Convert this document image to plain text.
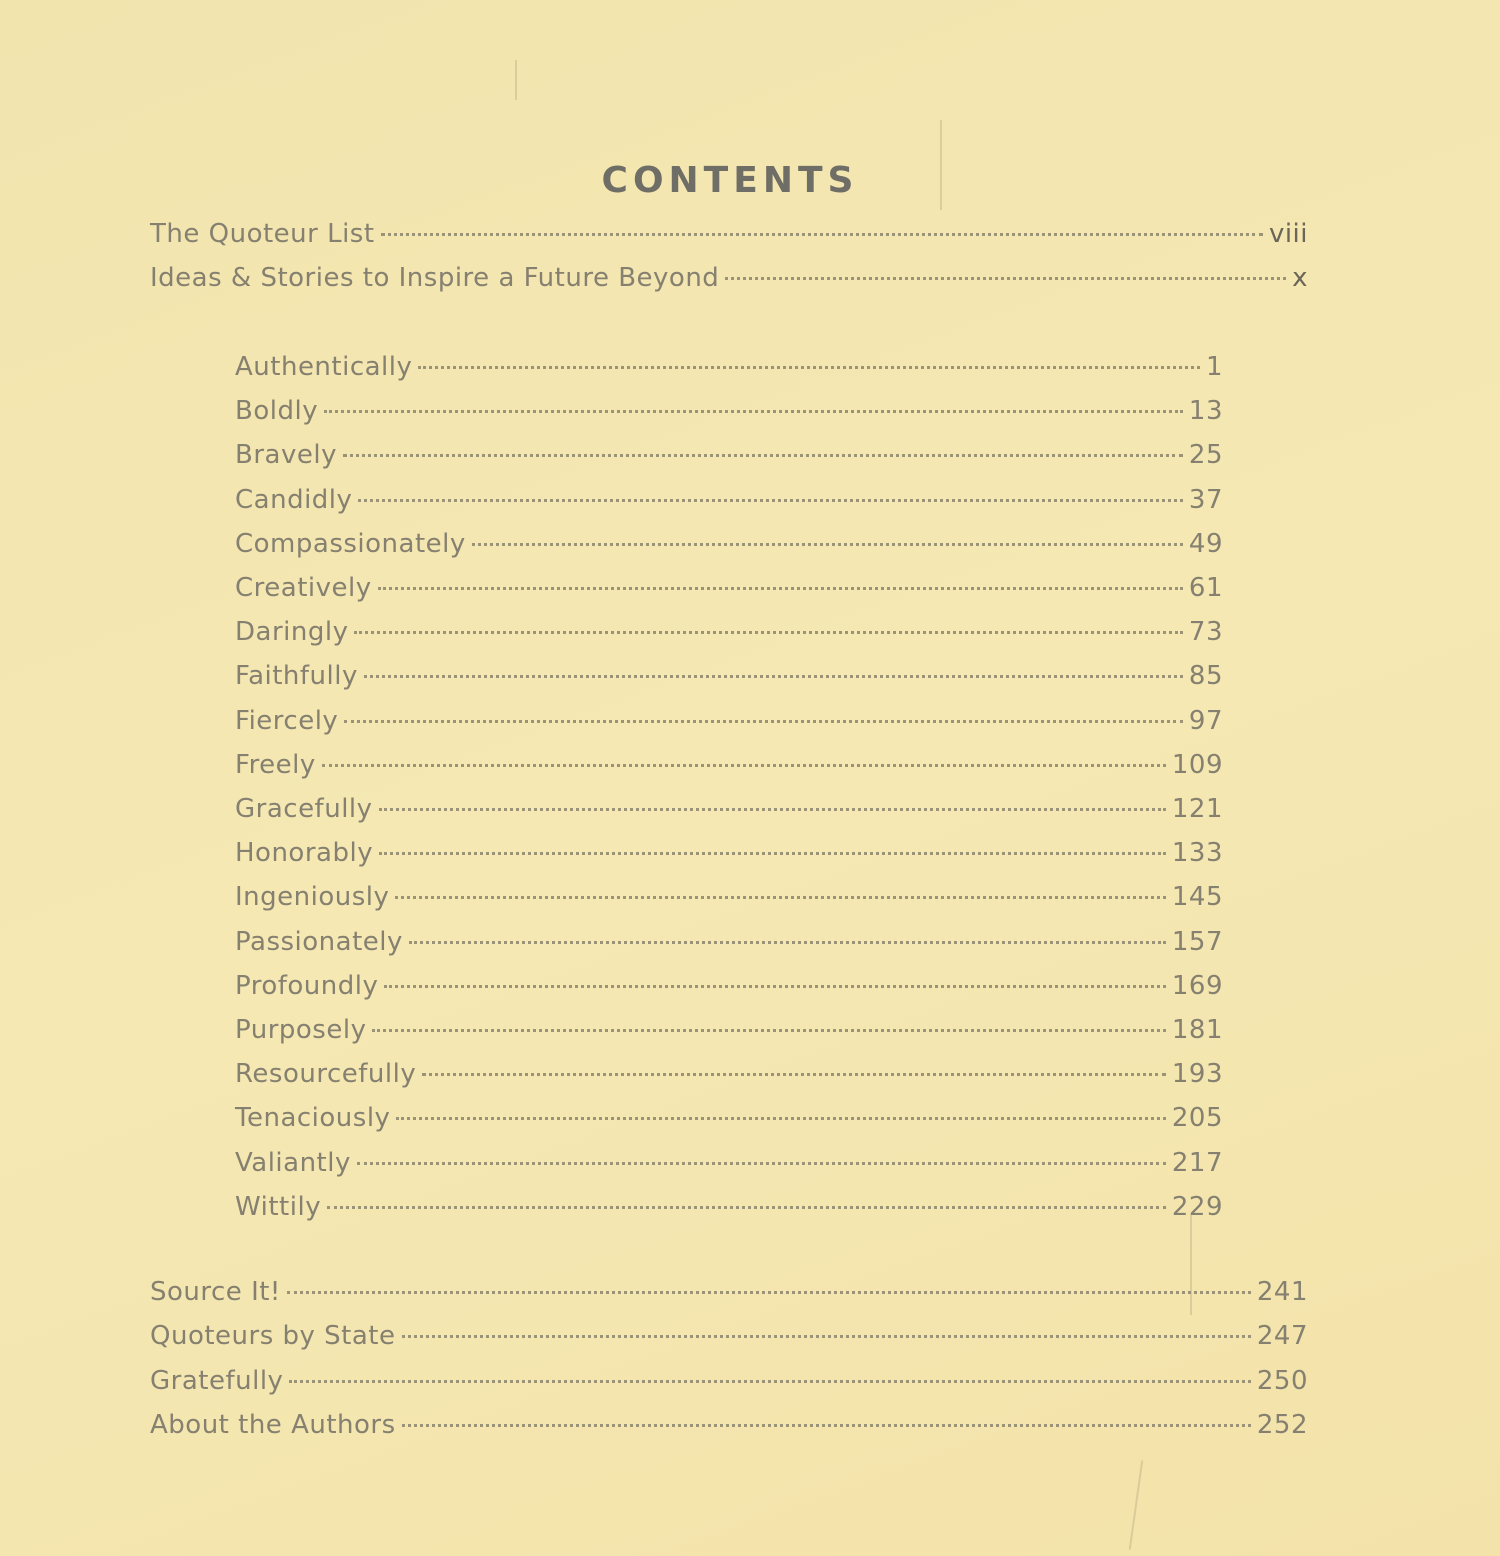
CONTENTS
The Quoteur List	viii
Ideas & Stories to Inspire a Future Beyond	x
Authentically	1
Boldly	13
Bravely	25
Candidly	37
Compassionately	49
Creatively	61
Daringly	73
Faithfully	85
Fiercely	97
Freely	109
Gracefully	121
Honorably	133
Ingeniously	145
Passionately	157
Profoundly	169
Purposely	181
Resourcefully	193
Tenaciously	205
Valiantly	217
Wittily	229
Source It!	241
Quoteurs by State	247
Gratefully	250
About the Authors	252
